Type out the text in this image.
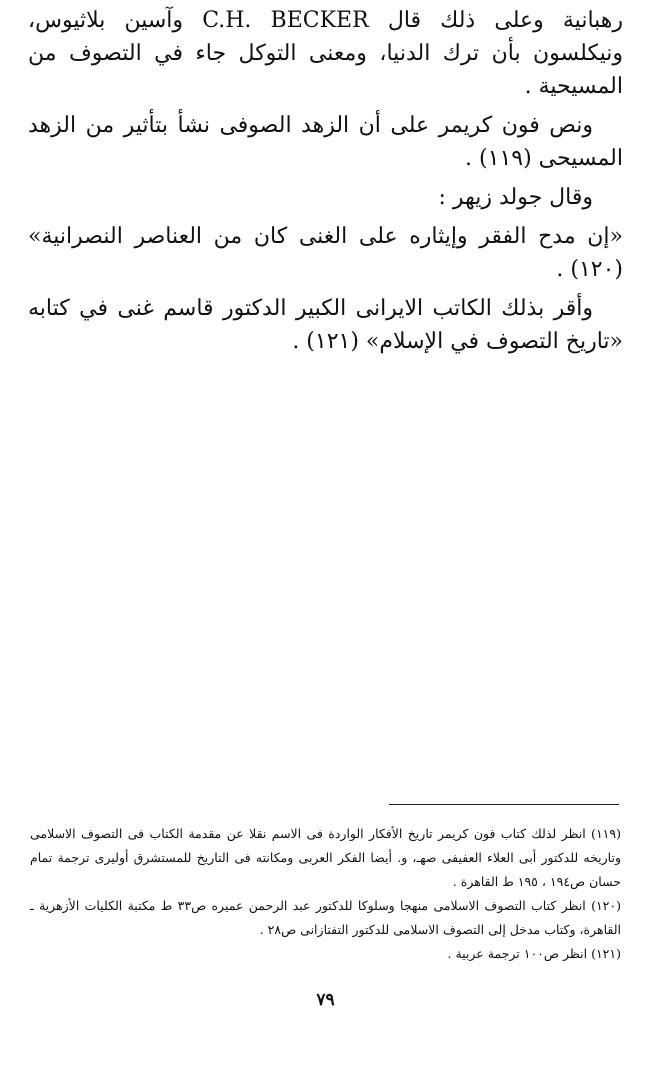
رهبانية وعلى ذلك قال C.H. BECKER وآسين بلاثيوس، ونيكلسون بأن ترك الدنيا، ومعنى التوكل جاء في التصوف من المسيحية .

ونص فون كريمر على أن الزهد الصوفى نشأ بتأثير من الزهد المسيحى (١١٩) .

وقال جولد زيهر :

«إن مدح الفقر وإيثاره على الغنى كان من العناصر النصرانية» (١٢٠) .

وأقر بذلك الكاتب الايرانى الكبير الدكتور قاسم غنى في كتابه «تاريخ التصوف في الإسلام» (١٢١) .

(١١٩) انظر لذلك كتاب فون كريمر تاريخ الأفكار الواردة فى الاسم نقلا عن مقدمة الكتاب فى التصوف الاسلامى وتاريخه للدكتور أبى العلاء العفيفى صهـ، و. أيضا الفكر العربى ومكانته فى التاريخ للمستشرق أوليرى ترجمة تمام حسان ص١٩٤ ، ١٩٥ ط القاهرة .

(١٢٠) انظر كتاب التصوف الاسلامى منهجا وسلوكا للدكتور عبد الرحمن عميره ص٣٣ ط مكتبة الكليات الأزهرية ـ القاهرة، وكتاب مدخل إلى التصوف الاسلامى للدكتور التفتازانى ص٢٨ .

(١٢١) انظر ص١٠٠ ترجمة عربية .

٧٩
